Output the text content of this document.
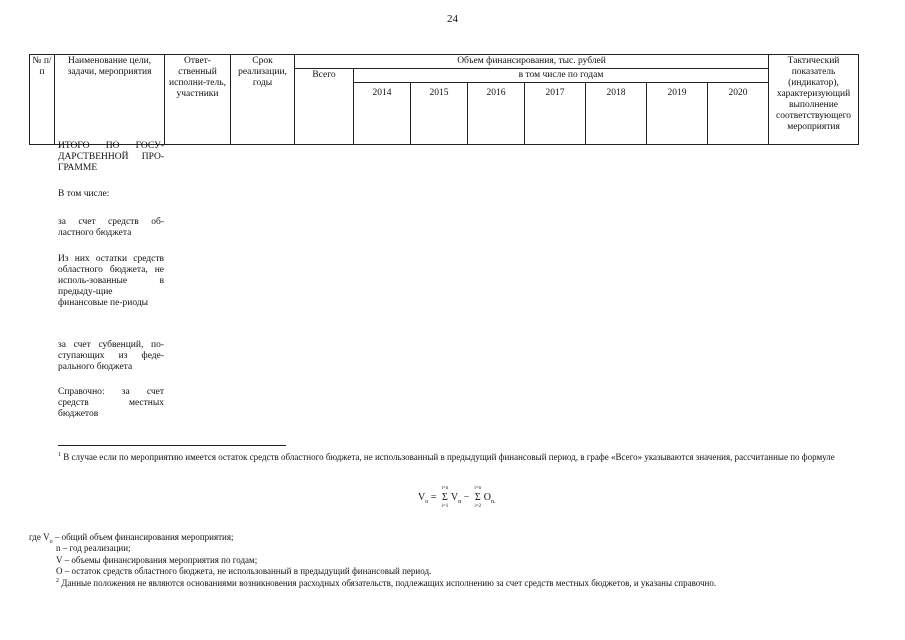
24
№ п/п	Наименование цели, задачи, мероприятия	Ответ-ственный исполни-тель, участники	Срок реализации, годы	Объем финансирования, тыс. рублей								Тактический показатель (индикатор), характеризующий выполнение соответствующего мероприятия
				Всего	в том числе по годам							
					2014	2015	2016	2017	2018	2019	2020	
ИТОГО ПО ГОСУ-ДАРСТВЕННОЙ ПРО-ГРАММЕ
В том числе:
за счет средств об-ластного бюджета
Из них остатки средств областного бюджета, не исполь-зованные в предыду-щие финансовые пе-риоды
за счет субвенций, по-ступающих из феде-рального бюджета
Справочно: за счет средств местных бюджетов
$^1$ В случае если по мероприятию имеется остаток средств областного бюджета, не использованный в предыдущий финансовый период, в графе «Всего» указываются значения, рассчитанные по формуле
$V_о = \Sigma$
i=n
i=1
$V_n - \Sigma$
i=n
i=2
$O_{n.}$
где $V_о$ – общий объем финансирования мероприятия;
n – год реализации;
V – объемы финансирования мероприятия по годам;
O – остаток средств областного бюджета, не использованный в предыдущий финансовый период.
$^2$ Данные положения не являются основаниями возникновения расходных обязательств, подлежащих исполнению за счет средств местных бюджетов, и указаны справочно.
